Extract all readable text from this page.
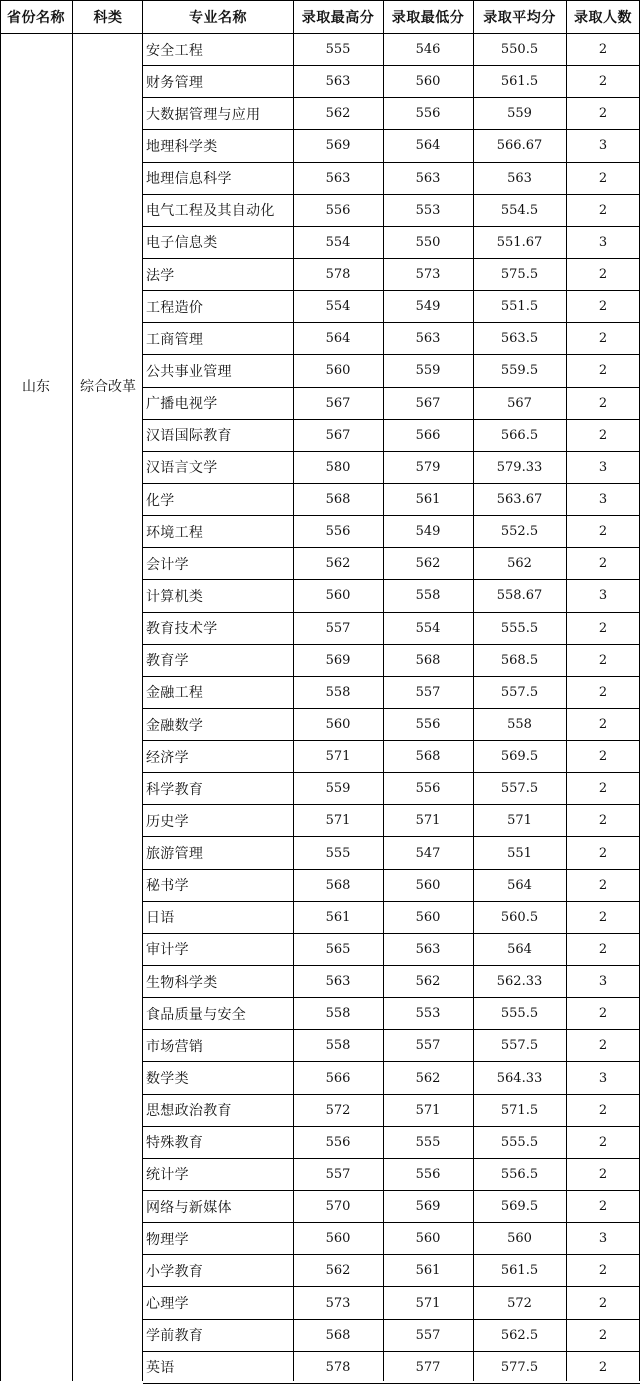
省份名称	科类	专业名称	录取最高分	录取最低分	录取平均分	录取人数
山东	综合改革
安全工程	555	546	550.5	2
财务管理	563	560	561.5	2
大数据管理与应用	562	556	559	2
地理科学类	569	564	566.67	3
地理信息科学	563	563	563	2
电气工程及其自动化	556	553	554.5	2
电子信息类	554	550	551.67	3
法学	578	573	575.5	2
工程造价	554	549	551.5	2
工商管理	564	563	563.5	2
公共事业管理	560	559	559.5	2
广播电视学	567	567	567	2
汉语国际教育	567	566	566.5	2
汉语言文学	580	579	579.33	3
化学	568	561	563.67	3
环境工程	556	549	552.5	2
会计学	562	562	562	2
计算机类	560	558	558.67	3
教育技术学	557	554	555.5	2
教育学	569	568	568.5	2
金融工程	558	557	557.5	2
金融数学	560	556	558	2
经济学	571	568	569.5	2
科学教育	559	556	557.5	2
历史学	571	571	571	2
旅游管理	555	547	551	2
秘书学	568	560	564	2
日语	561	560	560.5	2
审计学	565	563	564	2
生物科学类	563	562	562.33	3
食品质量与安全	558	553	555.5	2
市场营销	558	557	557.5	2
数学类	566	562	564.33	3
思想政治教育	572	571	571.5	2
特殊教育	556	555	555.5	2
统计学	557	556	556.5	2
网络与新媒体	570	569	569.5	2
物理学	560	560	560	3
小学教育	562	561	561.5	2
心理学	573	571	572	2
学前教育	568	557	562.5	2
英语	578	577	577.5	2
